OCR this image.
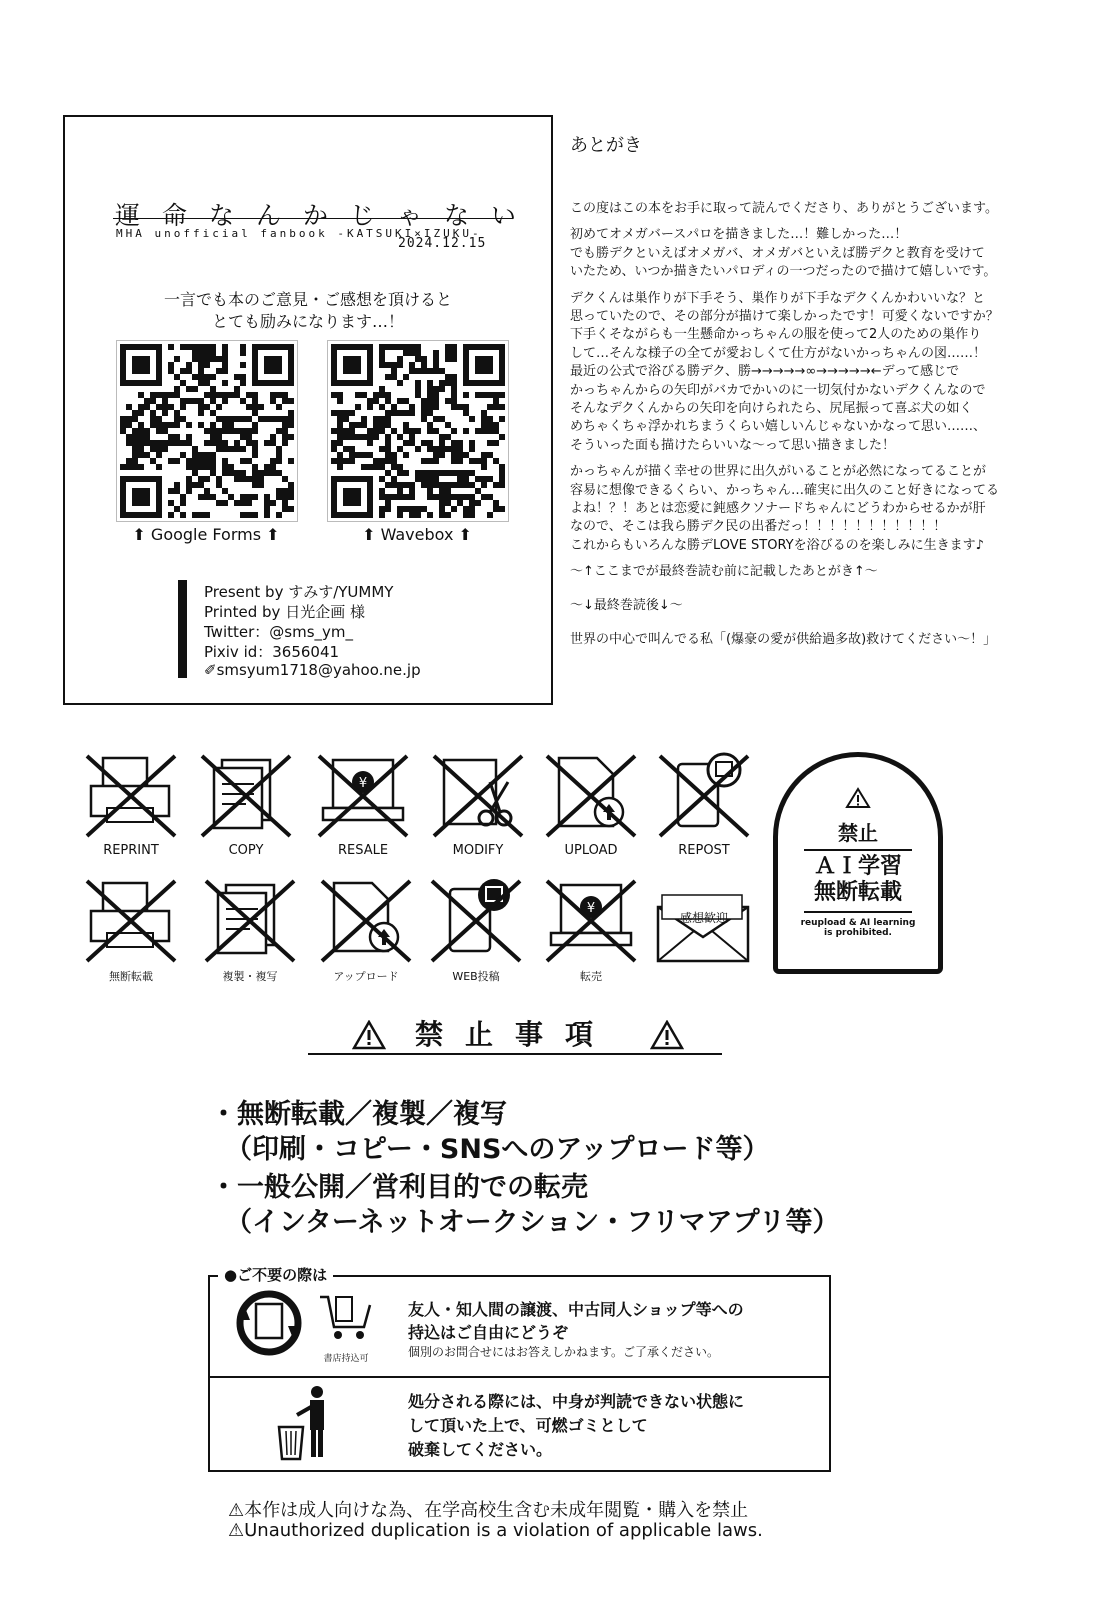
運命なんかじゃない
MHA unofficial fanbook -KATSUKI×IZUKU-
2024.12.15
一言でも本のご意見・ご感想を頂けると
とても励みになります…！
⬆ Google Forms ⬆	⬆ Wavebox ⬆
Present by すみす/YUMMY
Printed by 日光企画 様
Twitter：@sms_ym_
Pixiv id：3656041
✐smsyum1718@yahoo.ne.jp
あとがき
この度はこの本をお手に取って読んでくださり、ありがとうございます。
初めてオメガバースパロを描きました…！難しかった…！
でも勝デクといえばオメガバ、オメガバといえば勝デクと教育を受けて
いたため、いつか描きたいパロディの一つだったので描けて嬉しいです。
デクくんは巣作りが下手そう、巣作りが下手なデクくんかわいいな？と
思っていたので、その部分が描けて楽しかったです！可愛くないですか？
下手くそながらも一生懸命かっちゃんの服を使って2人のための巣作り
して…そんな様子の全てが愛おしくて仕方がないかっちゃんの図……！
最近の公式で浴びる勝デク、勝→→→→→∞→→→→→←デって感じで
かっちゃんからの矢印がバカでかいのに一切気付かないデクくんなので
そんなデクくんからの矢印を向けられたら、尻尾振って喜ぶ犬の如く
めちゃくちゃ浮かれちまうくらい嬉しいんじゃないかなって思い……、
そういった面も描けたらいいな～って思い描きました！
かっちゃんが描く幸せの世界に出久がいることが必然になってることが
容易に想像できるくらい、かっちゃん…確実に出久のこと好きになってる
よね！？！あとは恋愛に鈍感クソナードちゃんにどうわからせるかが肝
なので、そこは我ら勝デク民の出番だっ！！！！！！！！！！！
これからもいろんな勝デLOVE STORYを浴びるのを楽しみに生きます♪
～↑ここまでが最終巻読む前に記載したあとがき↑～
～↓最終巻読後↓～
世界の中心で叫んでる私「(爆豪の愛が供給過多故)救けてください～！」
REPRINT	COPY
¥
RESALE	MODIFY	UPLOAD	REPOST
無断転載	複製・複写	アップロード	WEB投稿
¥
転売
感想歓迎
禁止
ＡＩ学習
無断転載
reupload & AI learning
is prohibited.
禁止事項
・無断転載／複製／複写
（印刷・コピー・SNSへのアップロード等）
・一般公開／営利目的での転売
（インターネットオークション・フリマアプリ等）
●ご不要の際は
書店持込可
友人・知人間の譲渡、中古同人ショップ等への
持込はご自由にどうぞ
個別のお問合せにはお答えしかねます。ご了承ください。
処分される際には、中身が判読できない状態に
して頂いた上で、可燃ゴミとして
破棄してください。
⚠本作は成人向けな為、在学高校生含む未成年閲覧・購入を禁止
⚠Unauthorized duplication is a violation of applicable laws.
